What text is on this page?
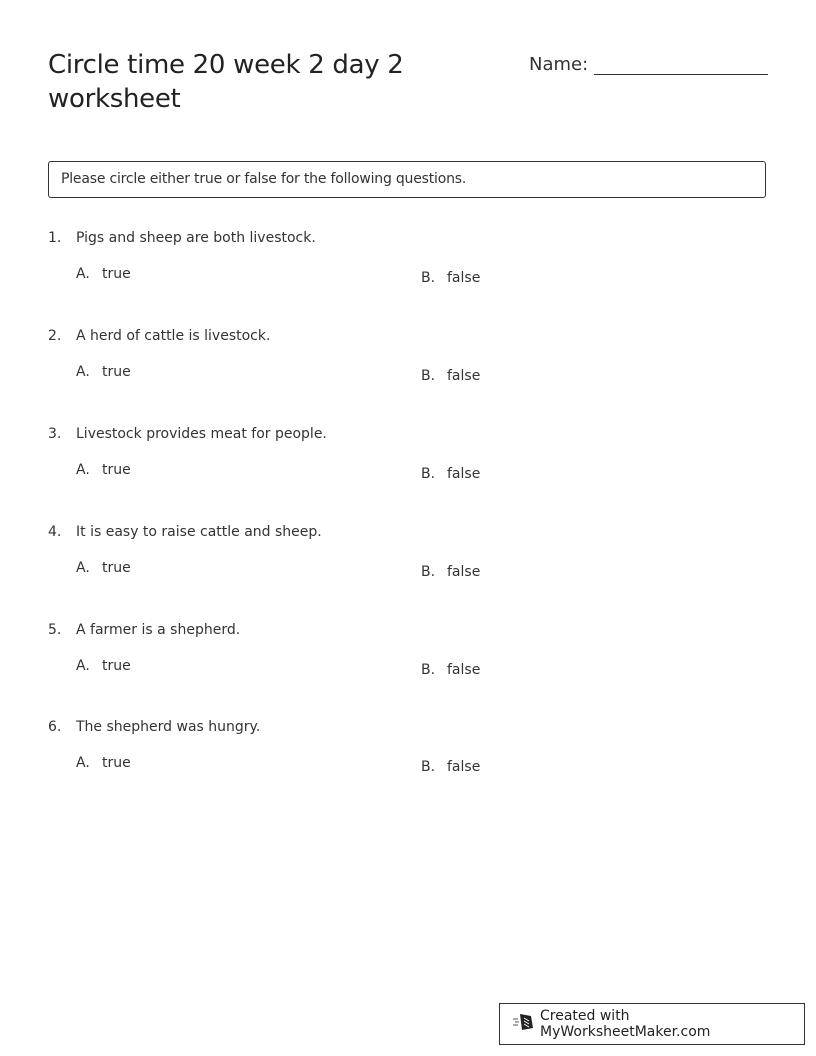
Circle time 20 week 2 day 2 worksheet
Name:
Please circle either true or false for the following questions.
1.	Pigs and sheep are both livestock.
A. true	B. false
2.	A herd of cattle is livestock.
A. true	B. false
3.	Livestock provides meat for people.
A. true	B. false
4.	It is easy to raise cattle and sheep.
A. true	B. false
5.	A farmer is a shepherd.
A. true	B. false
6.	The shepherd was hungry.
A. true	B. false
Created with MyWorksheetMaker.com
